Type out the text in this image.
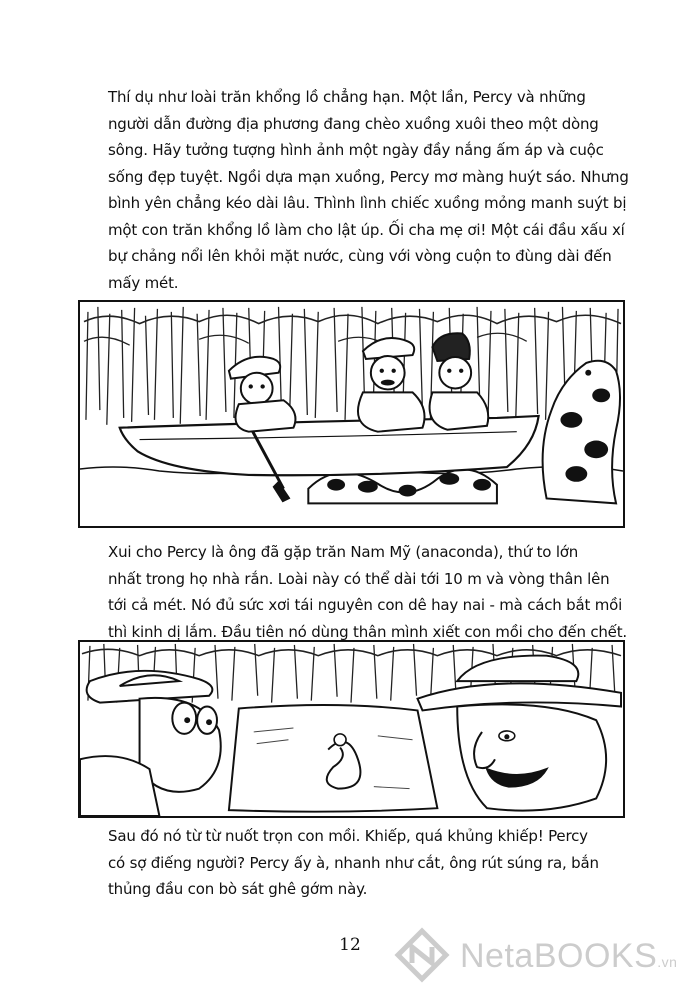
Thí dụ như loài trăn khổng lồ chẳng hạn. Một lần, Percy và những
người dẫn đường địa phương đang chèo xuồng xuôi theo một dòng
sông. Hãy tưởng tượng hình ảnh một ngày đầy nắng ấm áp và cuộc
sống đẹp tuyệt. Ngồi dựa mạn xuồng, Percy mơ màng huýt sáo. Nhưng
bình yên chẳng kéo dài lâu. Thình lình chiếc xuồng mỏng manh suýt bị
một con trăn khổng lồ làm cho lật úp. Ối cha mẹ ơi! Một cái đầu xấu xí
bự chảng nổi lên khỏi mặt nước, cùng với vòng cuộn to đùng dài đến
mấy mét.
Xui cho Percy là ông đã gặp trăn Nam Mỹ (anaconda), thứ to lớn
nhất trong họ nhà rắn. Loài này có thể dài tới 10 m và vòng thân lên
tới cả mét. Nó đủ sức xơi tái nguyên con dê hay nai - mà cách bắt mồi
thì kinh dị lắm. Đầu tiên nó dùng thân mình xiết con mồi cho đến chết.
Sau đó nó từ từ nuốt trọn con mồi. Khiếp, quá khủng khiếp! Percy
có sợ điếng người? Percy ấy à, nhanh như cắt, ông rút súng ra, bắn
thủng đầu con bò sát ghê gớm này.
12	NetaBOOKS.vn
